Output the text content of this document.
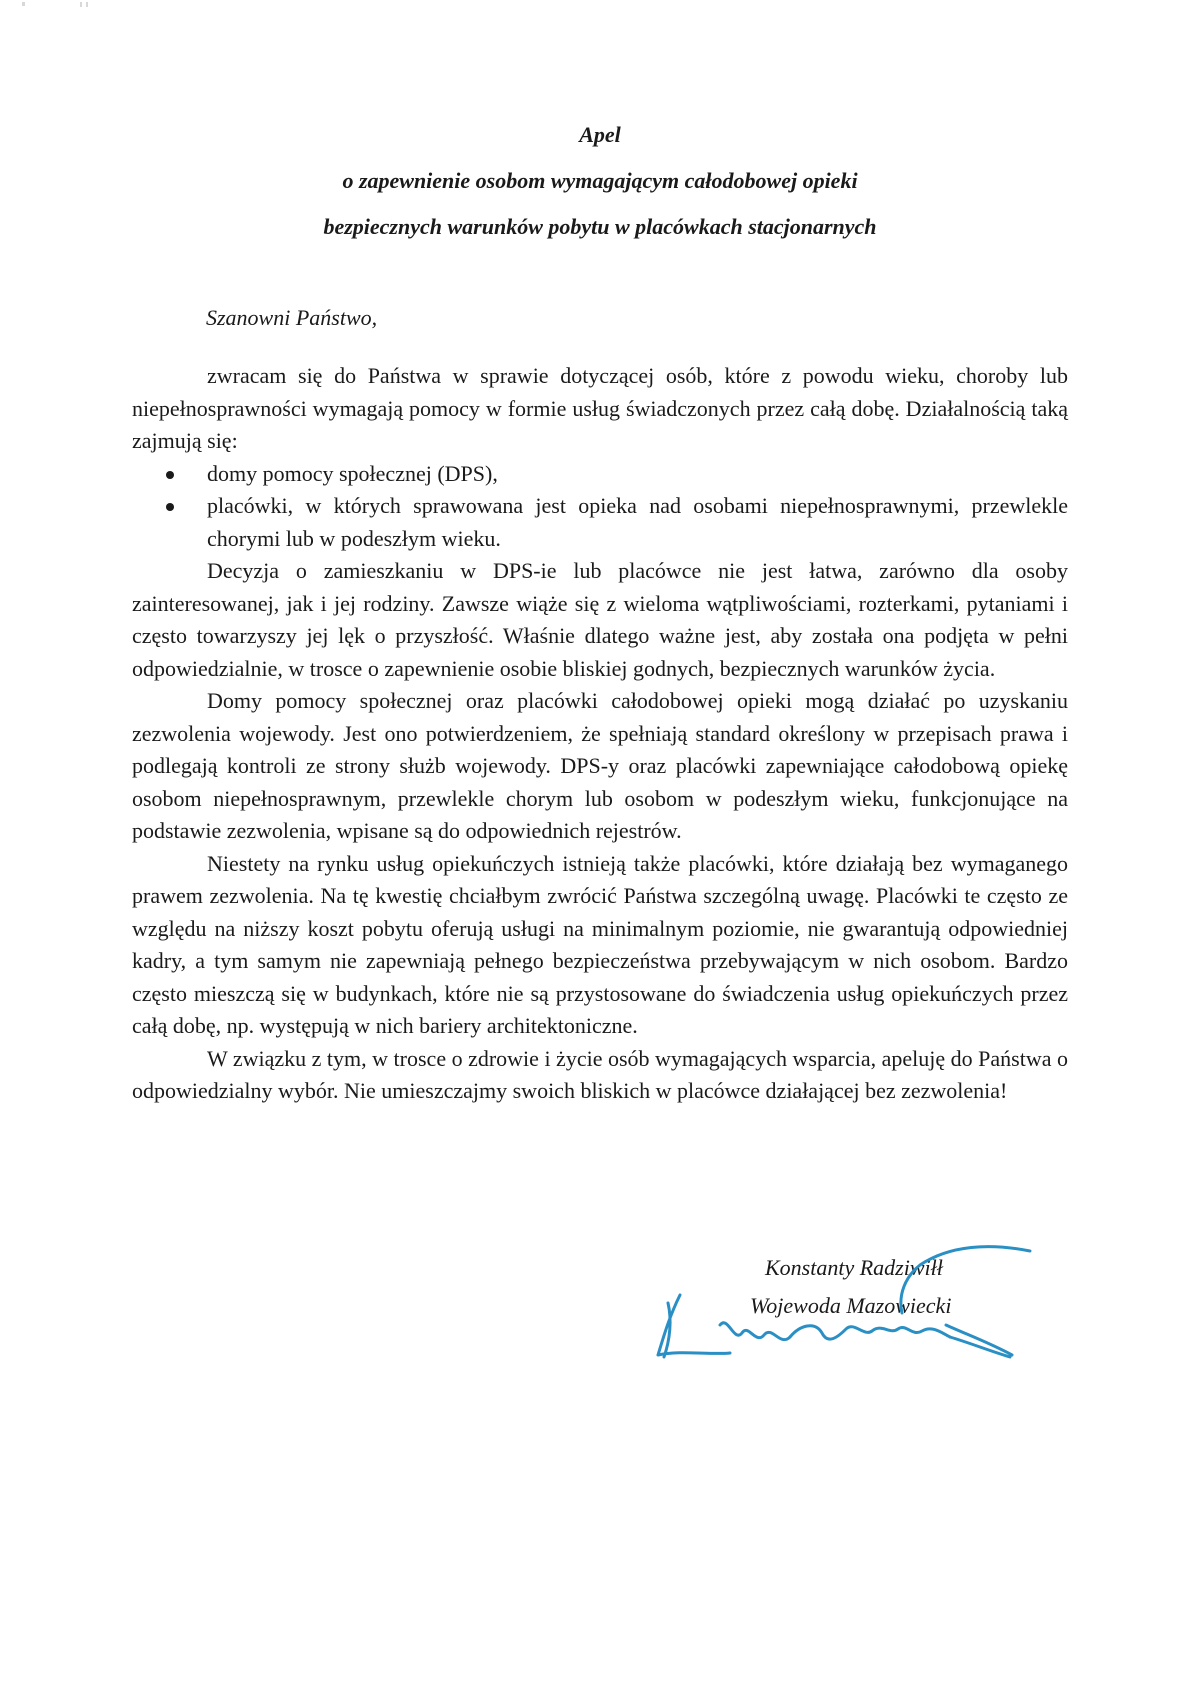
Apel
o zapewnienie osobom wymagającym całodobowej opieki
bezpiecznych warunków pobytu w placówkach stacjonarnych
Szanowni Państwo,

zwracam się do Państwa w sprawie dotyczącej osób, które z powodu wieku, choroby lub niepełnosprawności wymagają pomocy w formie usług świadczonych przez całą dobę. Działalnością taką zajmują się:

domy pomocy społecznej (DPS),
placówki, w których sprawowana jest opieka nad osobami niepełnosprawnymi, przewlekle chorymi lub w podeszłym wieku.

Decyzja o zamieszkaniu w DPS-ie lub placówce nie jest łatwa, zarówno dla osoby zainteresowanej, jak i jej rodziny. Zawsze wiąże się z wieloma wątpliwościami, rozterkami, pytaniami i często towarzyszy jej lęk o przyszłość. Właśnie dlatego ważne jest, aby została ona podjęta w pełni odpowiedzialnie, w trosce o zapewnienie osobie bliskiej godnych, bezpiecznych warunków życia.

Domy pomocy społecznej oraz placówki całodobowej opieki mogą działać po uzyskaniu zezwolenia wojewody. Jest ono potwierdzeniem, że spełniają standard określony w przepisach prawa i podlegają kontroli ze strony służb wojewody. DPS-y oraz placówki zapewniające całodobową opiekę osobom niepełnosprawnym, przewlekle chorym lub osobom w podeszłym wieku, funkcjonujące na podstawie zezwolenia, wpisane są do odpowiednich rejestrów.

Niestety na rynku usług opiekuńczych istnieją także placówki, które działają bez wymaganego prawem zezwolenia. Na tę kwestię chciałbym zwrócić Państwa szczególną uwagę. Placówki te często ze względu na niższy koszt pobytu oferują usługi na minimalnym poziomie, nie gwarantują odpowiedniej kadry, a tym samym nie zapewniają pełnego bezpieczeństwa przebywającym w nich osobom. Bardzo często mieszczą się w budynkach, które nie są przystosowane do świadczenia usług opiekuńczych przez całą dobę, np. występują w nich bariery architektoniczne.

W związku z tym, w trosce o zdrowie i życie osób wymagających wsparcia, apeluję do Państwa o odpowiedzialny wybór. Nie umieszczajmy swoich bliskich w placówce działającej bez zezwolenia!

Konstanty Radziwiłł
Wojewoda Mazowiecki
